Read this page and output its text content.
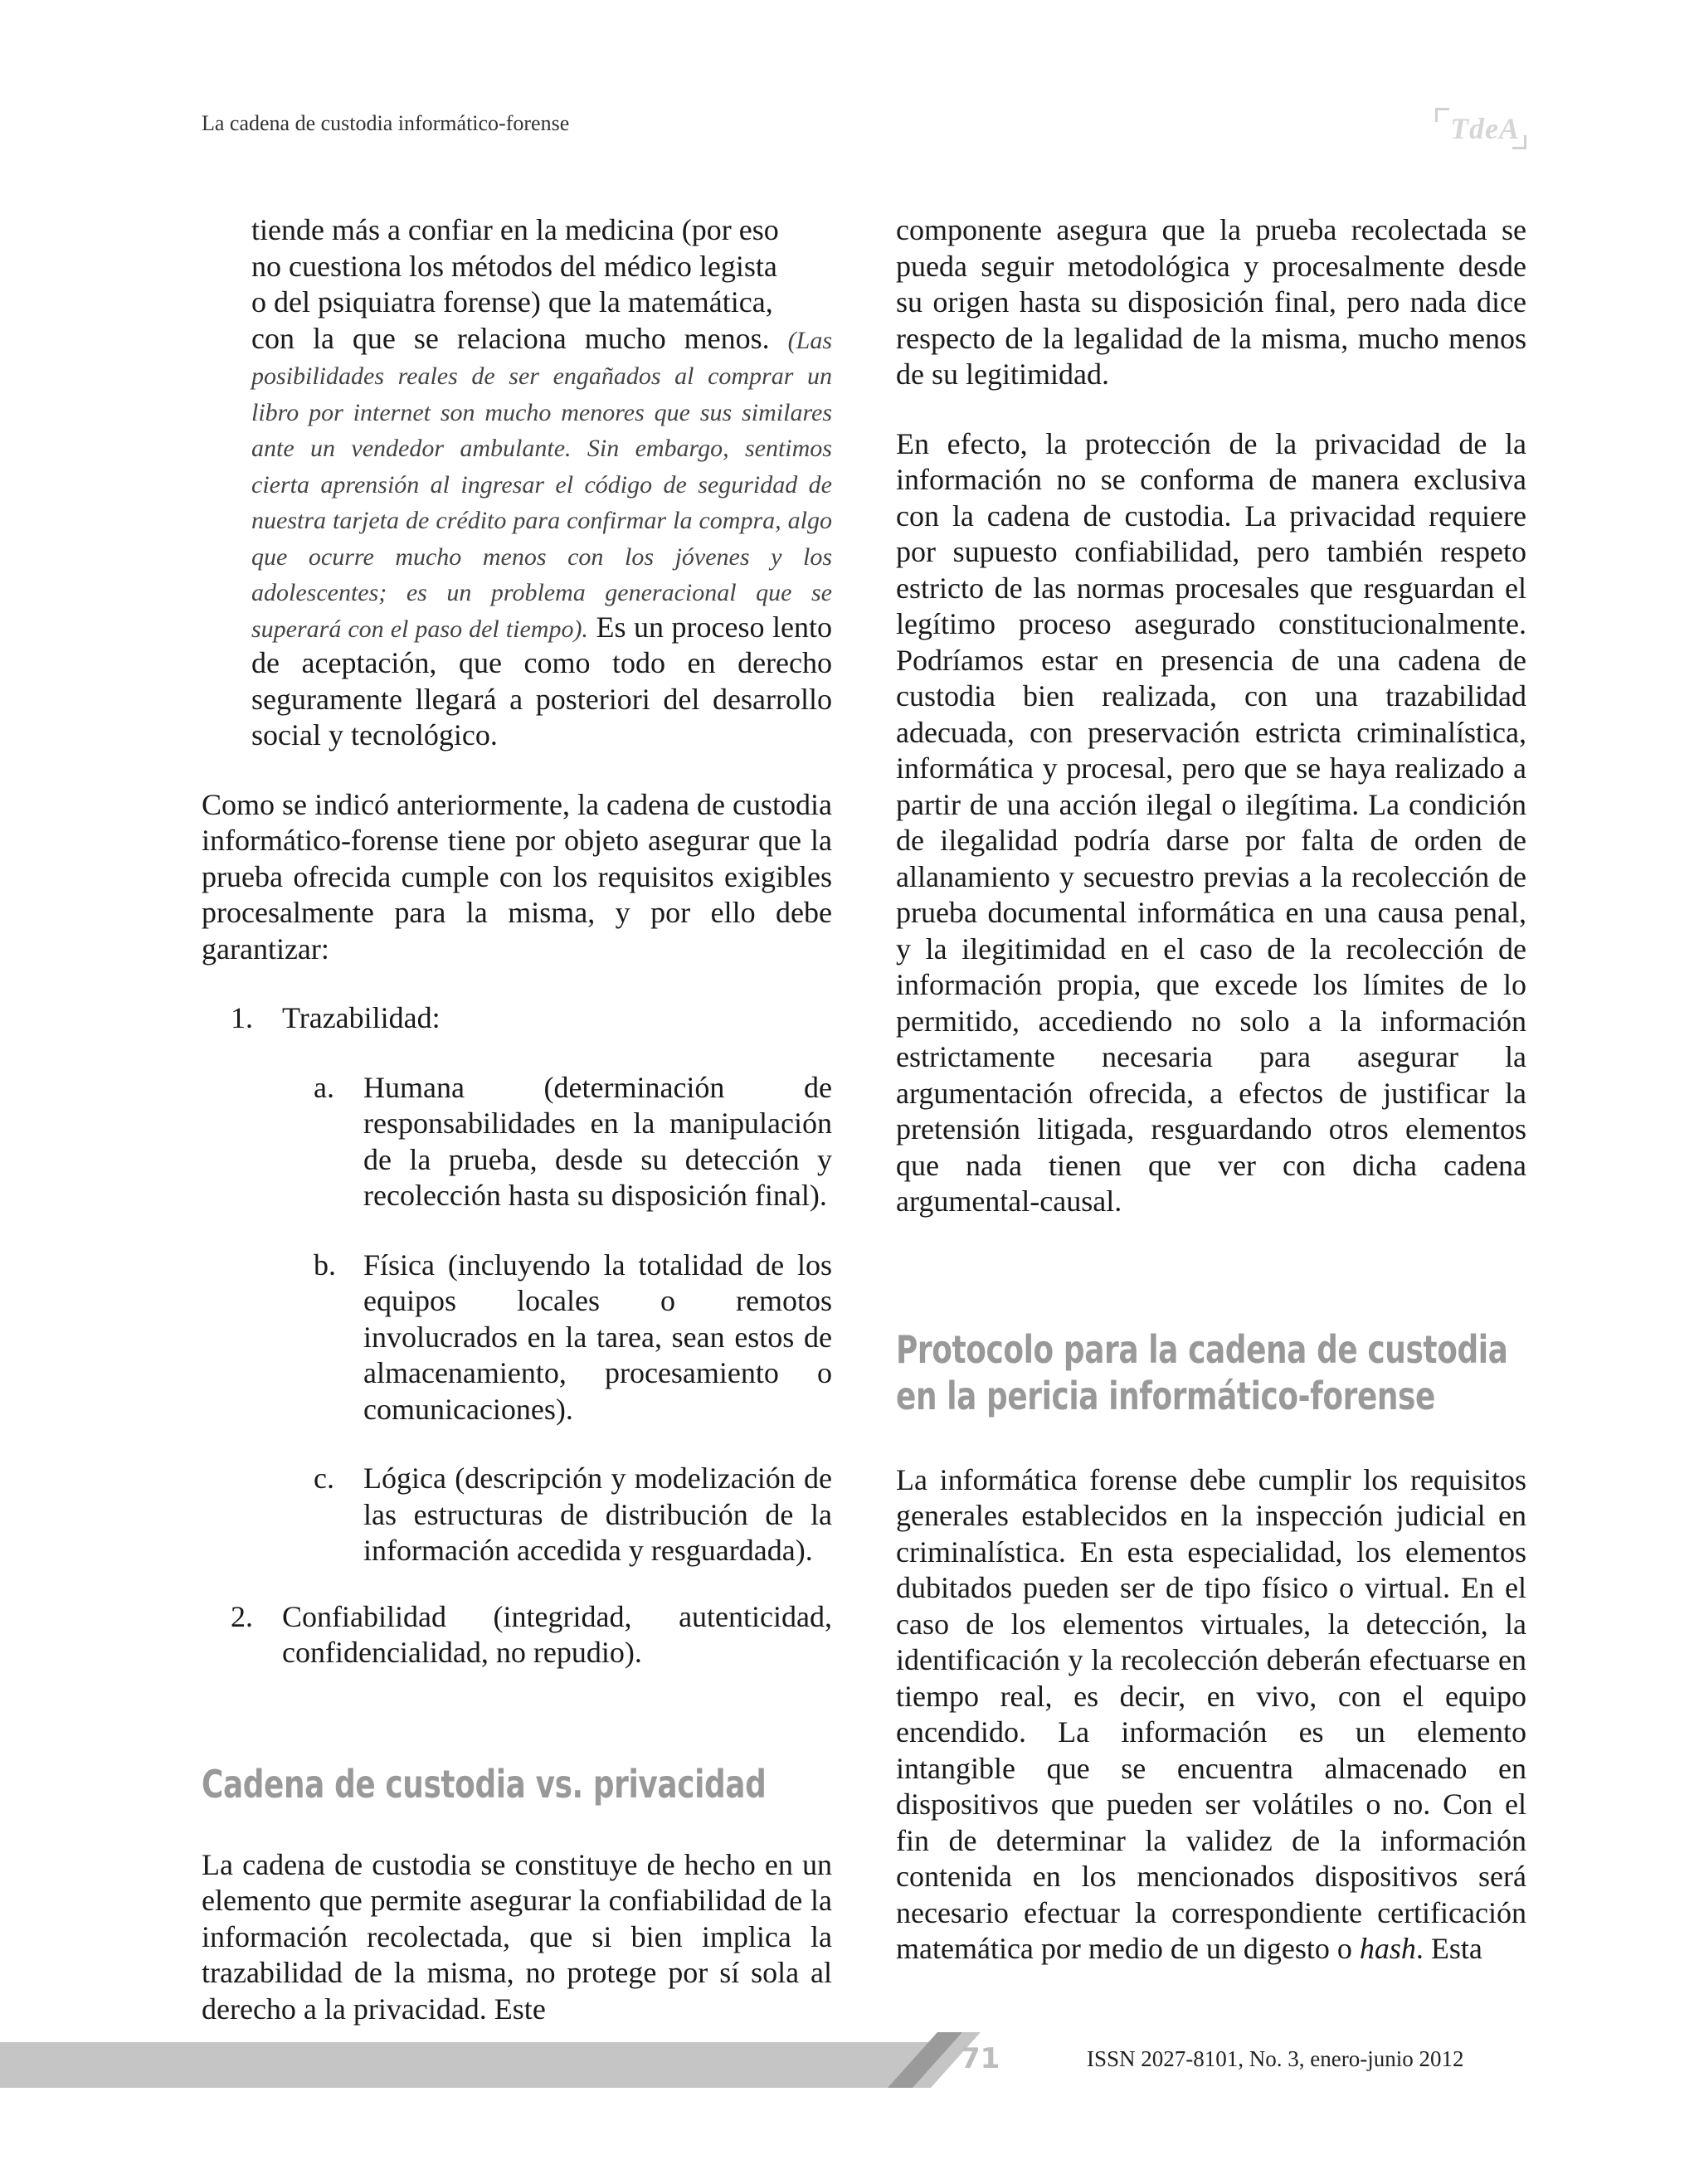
La cadena de custodia informático-forense	TdeA

tiende más a confiar en la medicina (por eso

no cuestiona los métodos del médico legista

o del psiquiatra forense) que la matemática,

con la que se relaciona mucho menos. (Las posibilidades reales de ser engañados al comprar un libro por internet son mucho menores que sus similares ante un vendedor ambulante. Sin embargo, sentimos cierta aprensión al ingresar el código de seguridad de nuestra tarjeta de crédito para confirmar la compra, algo que ocurre mucho menos con los jóvenes y los adolescentes; es un problema generacional que se superará con el paso del tiempo). Es un proceso lento de aceptación, que como todo en derecho seguramente llegará a posteriori del desarrollo social y tecnológico.

Como se indicó anteriormente, la cadena de custodia informático-forense tiene por objeto asegurar que la prueba ofrecida cumple con los requisitos exigibles procesalmente para la misma, y por ello debe garantizar:

1. Trazabilidad:
a. Humana (determinación de responsabilidades en la manipulación de la prueba, desde su detección y recolección hasta su disposición final).

b. Física (incluyendo la totalidad de los equipos locales o remotos involucrados en la tarea, sean estos de almacenamiento, procesamiento o comunicaciones).

c. Lógica (descripción y modelización de las estructuras de distribución de la información accedida y resguardada).

2. Confiabilidad (integridad, autenticidad, confidencialidad, no repudio).

Cadena de custodia vs. privacidad

La cadena de custodia se constituye de hecho en un elemento que permite asegurar la confiabilidad de la información recolectada, que si bien implica la trazabilidad de la misma, no protege por sí sola al derecho a la privacidad. Este

componente asegura que la prueba recolectada se pueda seguir metodológica y procesalmente desde su origen hasta su disposición final, pero nada dice respecto de la legalidad de la misma, mucho menos de su legitimidad.

En efecto, la protección de la privacidad de la información no se conforma de manera exclusiva con la cadena de custodia. La privacidad requiere por supuesto confiabilidad, pero también respeto estricto de las normas procesales que resguardan el legítimo proceso asegurado constitucionalmente. Podríamos estar en presencia de una cadena de custodia bien realizada, con una trazabilidad adecuada, con preservación estricta criminalística, informática y procesal, pero que se haya realizado a partir de una acción ilegal o ilegítima. La condición de ilegalidad podría darse por falta de orden de allanamiento y secuestro previas a la recolección de prueba documental informática en una causa penal, y la ilegitimidad en el caso de la recolección de información propia, que excede los límites de lo permitido, accediendo no solo a la información estrictamente necesaria para asegurar la argumentación ofrecida, a efectos de justificar la pretensión litigada, resguardando otros elementos que nada tienen que ver con dicha cadena argumental-causal.

Protocolo para la cadena de custodia en la pericia informático-forense

La informática forense debe cumplir los requisitos generales establecidos en la inspección judicial en criminalística. En esta especialidad, los elementos dubitados pueden ser de tipo físico o virtual. En el caso de los elementos virtuales, la detección, la identificación y la recolección deberán efectuarse en tiempo real, es decir, en vivo, con el equipo encendido. La información es un elemento intangible que se encuentra almacenado en dispositivos que pueden ser volátiles o no. Con el fin de determinar la validez de la información contenida en los mencionados dispositivos será necesario efectuar la correspondiente certificación matemática por medio de un digesto o hash. Esta

71	ISSN 2027-8101, No. 3, enero-junio 2012
